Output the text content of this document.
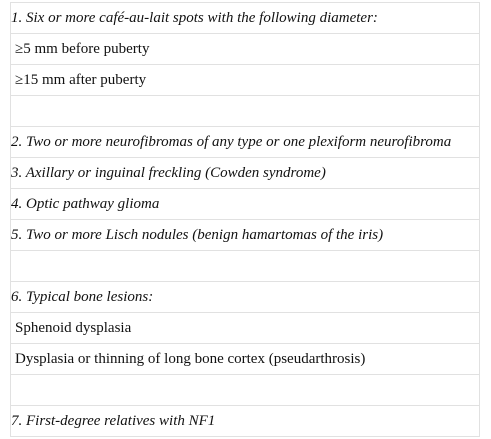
1. Six or more café-au-lait spots with the following diameter:
≥5 mm before puberty
≥15 mm after puberty
2. Two or more neurofibromas of any type or one plexiform neurofibroma
3. Axillary or inguinal freckling (Cowden syndrome)
4. Optic pathway glioma
5. Two or more Lisch nodules (benign hamartomas of the iris)
6. Typical bone lesions:
Sphenoid dysplasia
Dysplasia or thinning of long bone cortex (pseudarthrosis)
7. First-degree relatives with NF1
